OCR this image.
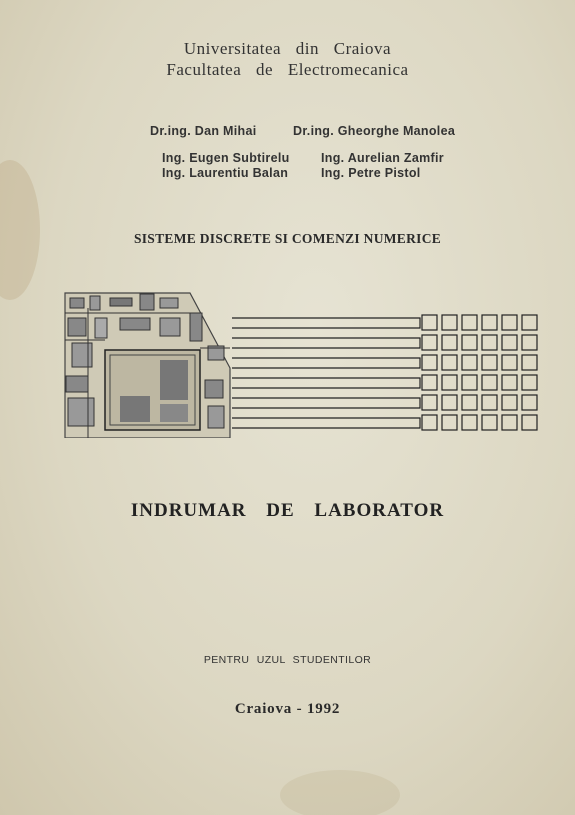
Universitatea din Craiova
Facultatea de Electromecanica
Dr.ing. Dan Mihai	Dr.ing. Gheorghe Manolea
Ing. Eugen Subtirelu	Ing. Aurelian Zamfir
Ing. Laurentiu Balan	Ing. Petre Pistol
SISTEME DISCRETE SI COMENZI NUMERICE
INDRUMAR DE LABORATOR
PENTRU UZUL STUDENTILOR
Craiova - 1992
